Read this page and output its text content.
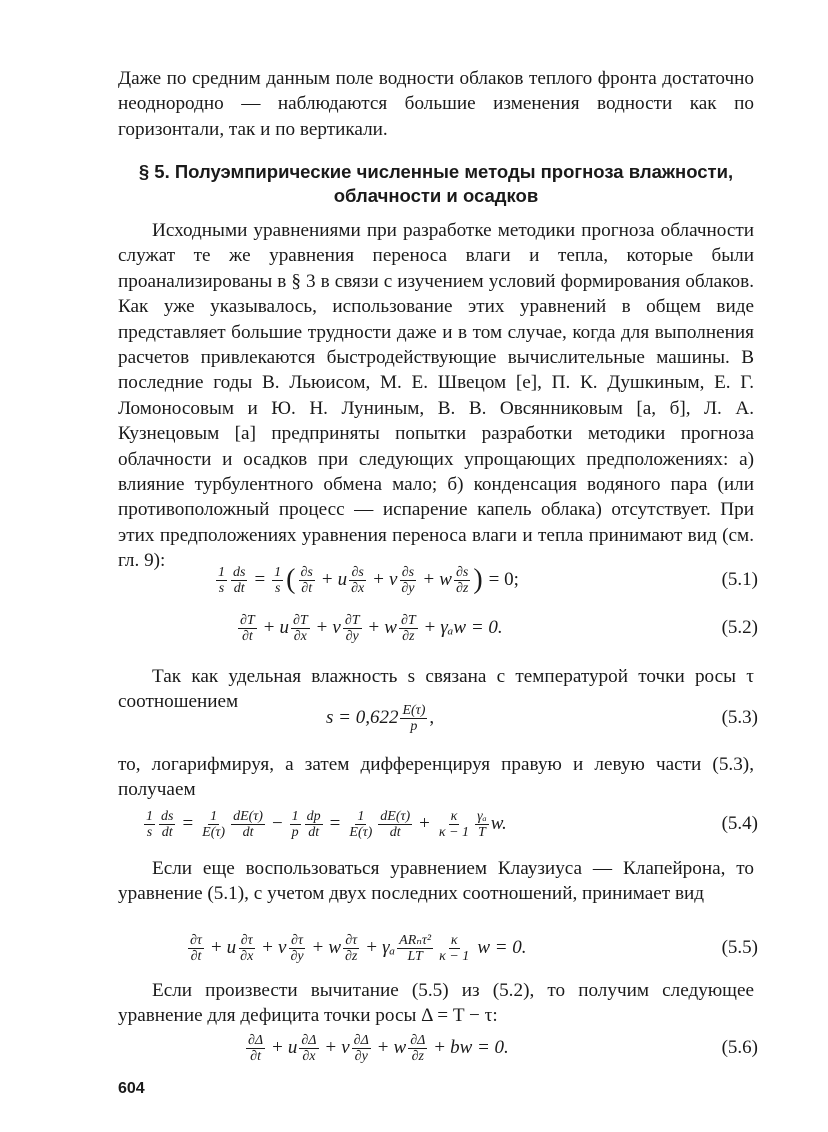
Даже по средним данным поле водности облаков теплого фронта достаточно неоднородно — наблюдаются большие изменения водности как по горизонтали, так и по вертикали.
§ 5. Полуэмпирические численные методы прогноза влажности,
облачности и осадков
Исходными уравнениями при разработке методики прогноза облачности служат те же уравнения переноса влаги и тепла, которые были проанализированы в § 3 в связи с изучением условий формирования облаков. Как уже указывалось, использование этих уравнений в общем виде представляет большие трудности даже и в том случае, когда для выполнения расчетов привлекаются быстродействующие вычислительные машины. В последние годы В. Льюисом, М. Е. Швецом [е], П. К. Душкиным, Е. Г. Ломоносовым и Ю. Н. Луниным, В. В. Овсянниковым [а, б], Л. А. Кузнецовым [а] предприняты попытки разработки методики прогноза облачности и осадков при следующих упрощающих предположениях: а) влияние турбулентного обмена мало; б) конденсация водяного пара (или противоположный процесс — испарение капель облака) отсутствует. При этих предположениях уравнения переноса влаги и тепла принимают вид (см. гл. 9):
$\frac{1}{s} \frac{ds}{dt} = \frac{1}{s}$ ( $\frac{\partial s}{\partial t} + u \frac{\partial s}{\partial x} + v \frac{\partial s}{\partial y} + w \frac{\partial s}{\partial z}$ ) = 0;	(5.1)
$\frac{\partial T}{\partial t} + u \frac{\partial T}{\partial x} + v \frac{\partial T}{\partial y} + w \frac{\partial T}{\partial z} + \gamma_aw = 0$.	(5.2)
Так как удельная влажность s связана с температурой точки росы τ соотношением
$s = 0,622 \frac{E(\tau)}{p}$ ,	(5.3)
то, логарифмируя, а затем дифференцируя правую и левую части (5.3), получаем
$\frac{1}{s} \frac{ds}{dt} = \frac{1}{E(\tau)} \frac{dE(\tau)}{dt} - \frac{1}{p} \frac{dp}{dt} = \frac{1}{E(\tau)} \frac{dE(\tau)}{dt} + \frac{\kappa}{\kappa - 1} \frac{\text{γₐ}}{T} w$.	(5.4)
Если еще воспользоваться уравнением Клаузиуса — Клапейрона, то уравнение (5.1), с учетом двух последних соотношений, принимает вид
$\frac{\partial\tau}{\partial t} + u \frac{\partial\tau}{\partial x} + v \frac{\partial\tau}{\partial y} + w \frac{\partial\tau}{\partial z} + \gamma_a \frac{\text{ARₙτ²}}{LT} \frac{\kappa}{\kappa - 1}$ w = 0.	(5.5)
Если произвести вычитание (5.5) из (5.2), то получим следующее уравнение для дефицита точки росы Δ = T − τ:
$\frac{\partial\Delta}{\partial t} + u \frac{\partial\Delta}{\partial x} + v \frac{\partial\Delta}{\partial y} + w \frac{\partial\Delta}{\partial z}$ + bw = 0.	(5.6)
604
